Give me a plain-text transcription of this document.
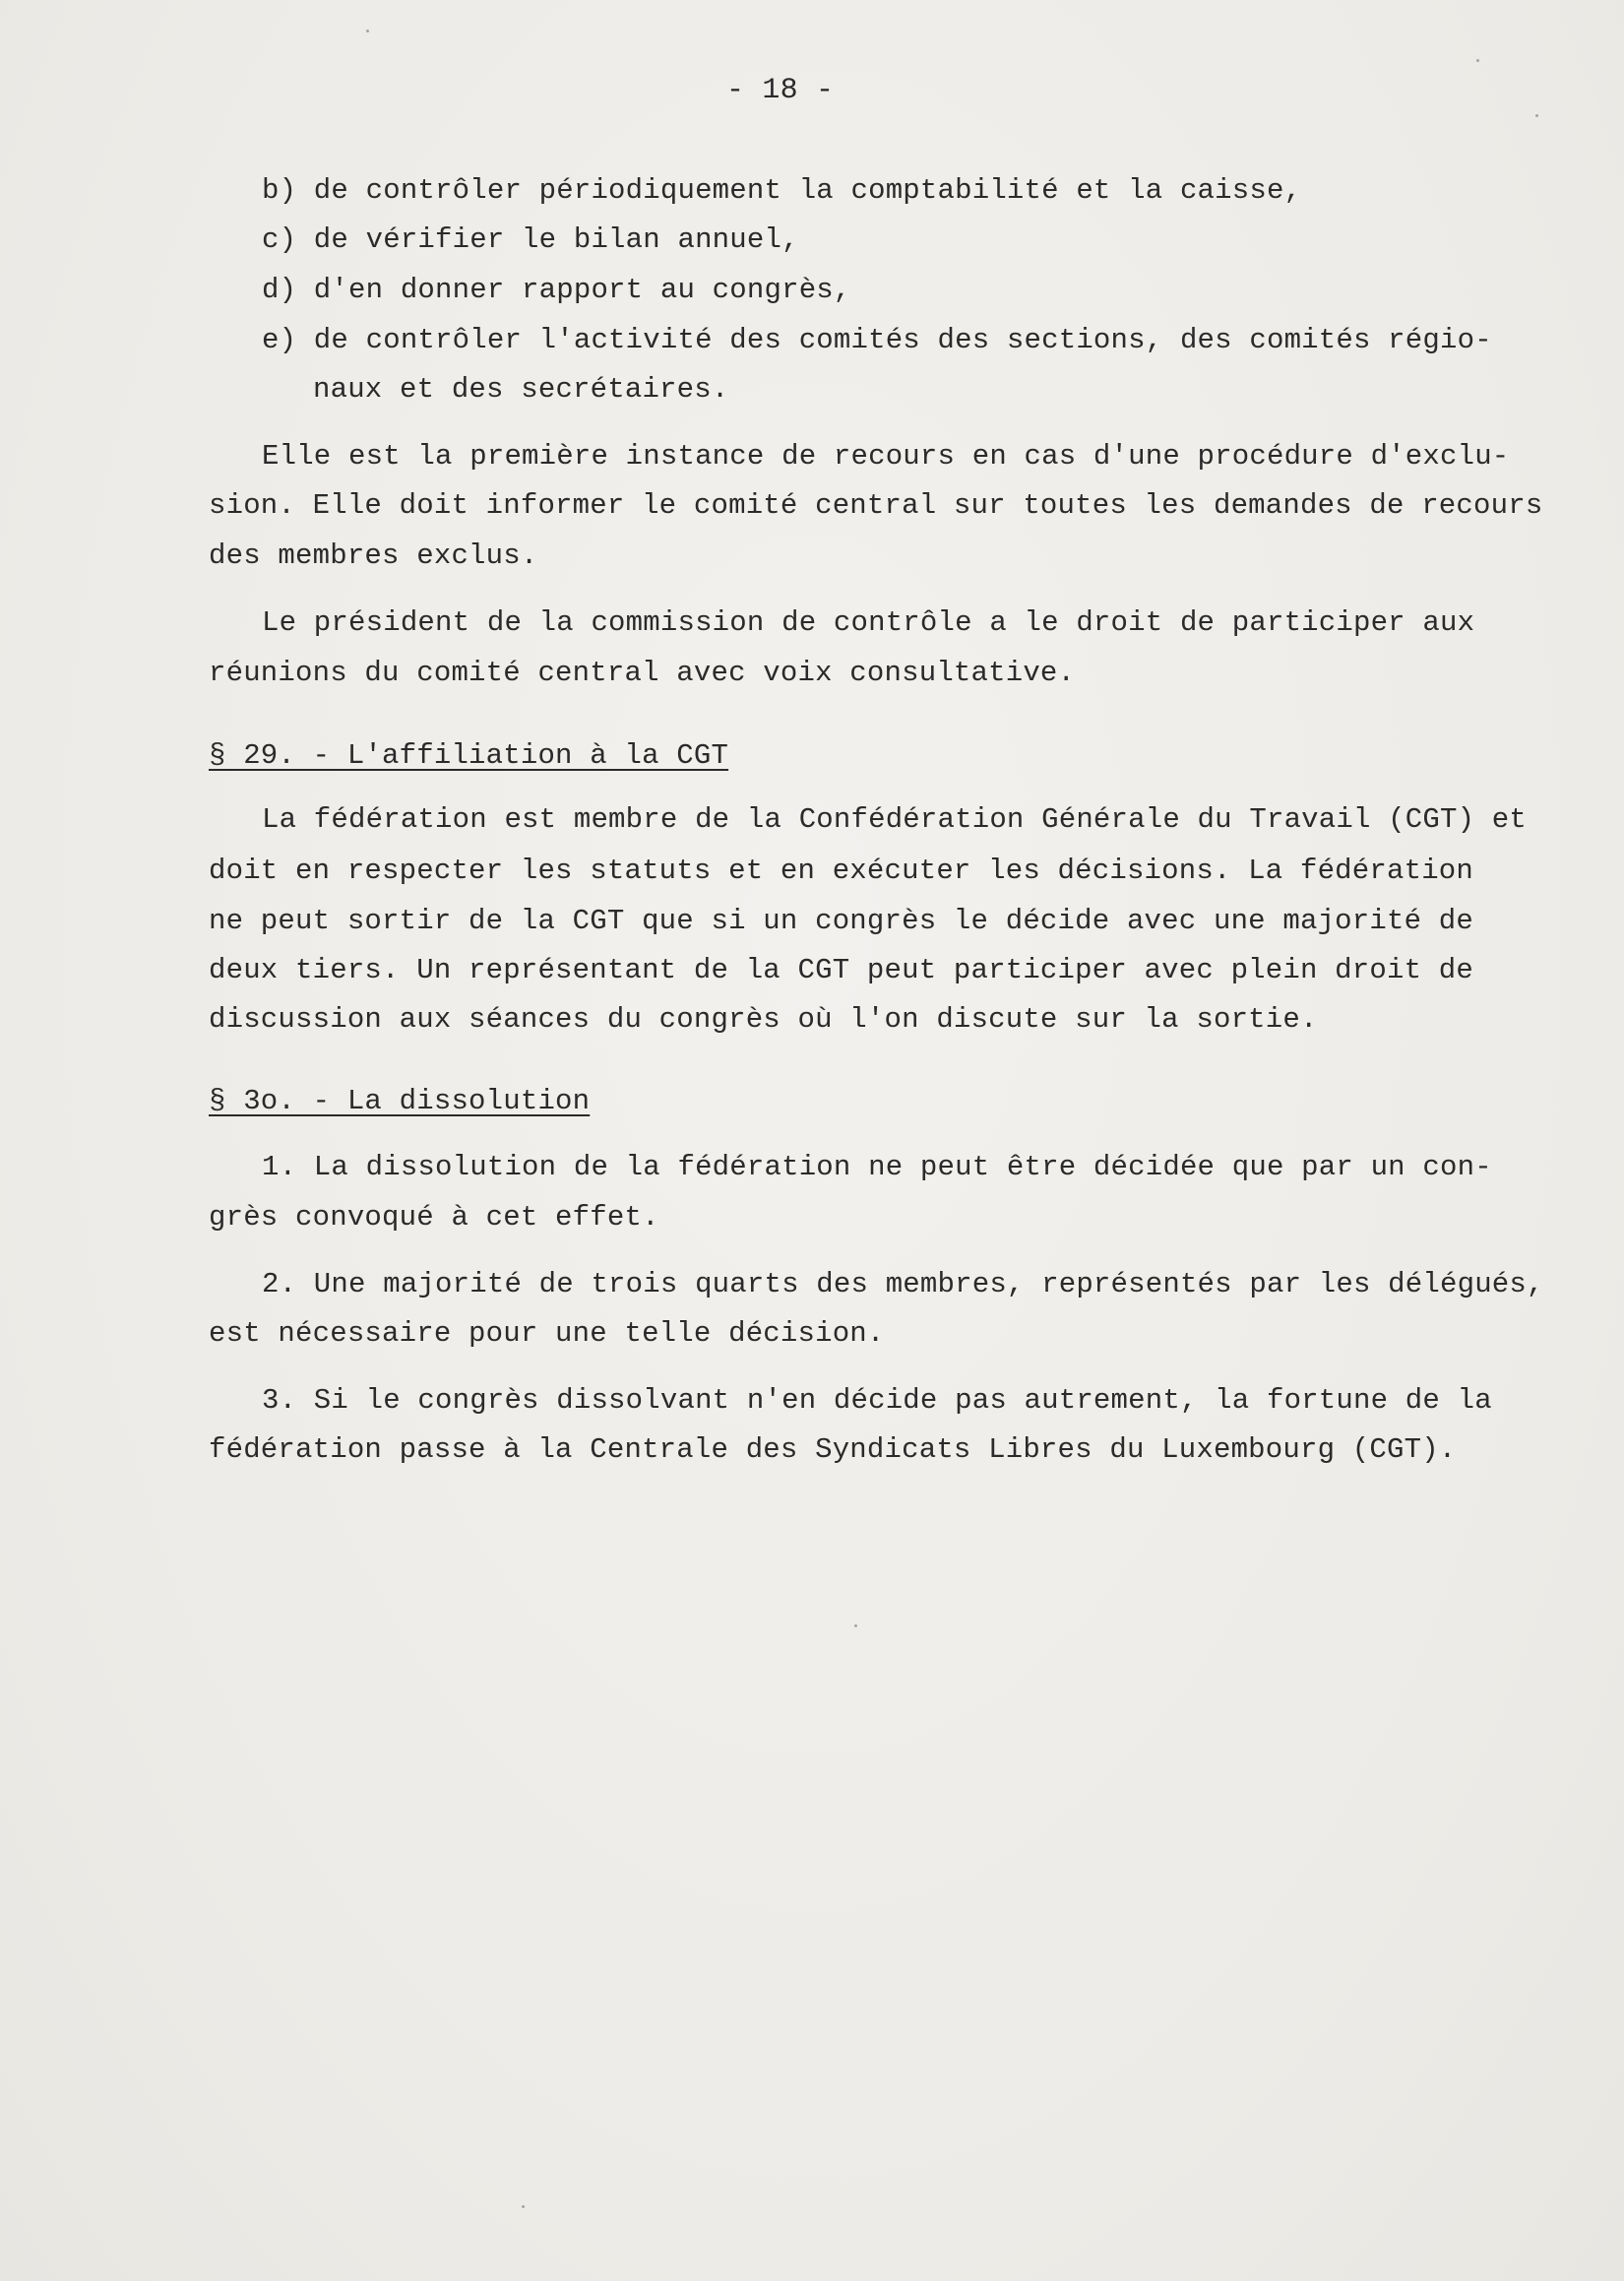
- 18 -
b) de contrôler périodiquement la comptabilité et la caisse,
c) de vérifier le bilan annuel,
d) d'en donner rapport au congrès,
e) de contrôler l'activité des comités des sections, des comités régio-
naux et des secrétaires.
Elle est la première instance de recours en cas d'une procédure d'exclu-
sion. Elle doit informer le comité central sur toutes les demandes de recours
des membres exclus.
Le président de la commission de contrôle a le droit de participer aux
réunions du comité central avec voix consultative.
§ 29. - L'affiliation à la CGT
La fédération est membre de la Confédération Générale du Travail (CGT) et
doit en respecter les statuts et en exécuter les décisions. La fédération
ne peut sortir de la CGT que si un congrès le décide avec une majorité de
deux tiers. Un représentant de la CGT peut participer avec plein droit de
discussion aux séances du congrès où l'on discute sur la sortie.
§ 3o. - La dissolution
1. La dissolution de la fédération ne peut être décidée que par un con-
grès convoqué à cet effet.
2. Une majorité de trois quarts des membres, représentés par les délégués,
est nécessaire pour une telle décision.
3. Si le congrès dissolvant n'en décide pas autrement, la fortune de la
fédération passe à la Centrale des Syndicats Libres du Luxembourg (CGT).
